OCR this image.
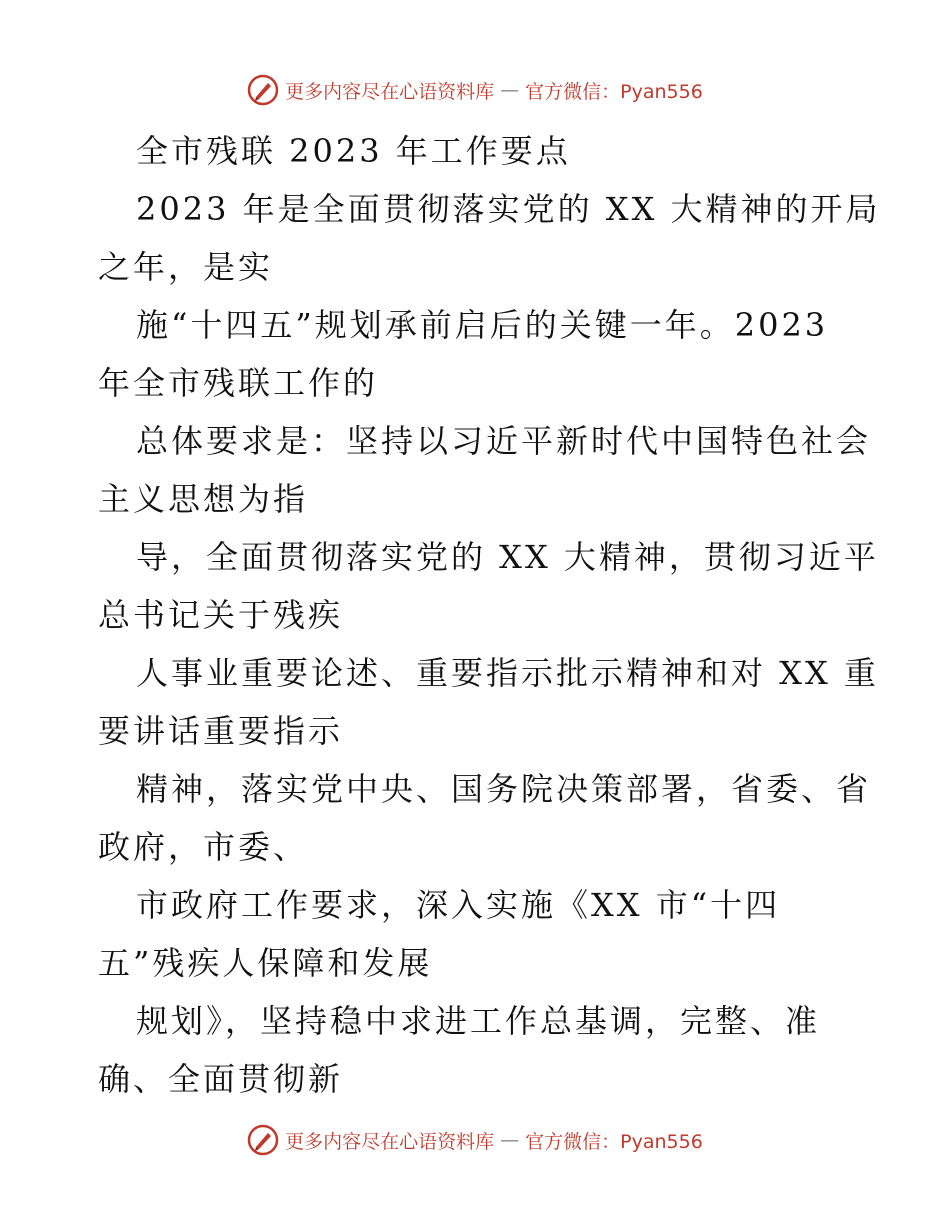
更多内容尽在心语资料库 — 官方微信：Pyan556
全市残联 2023 年工作要点
2023 年是全面贯彻落实党的 XX 大精神的开局
之年，是实
施“十四五”规划承前启后的关键一年。2023
年全市残联工作的
总体要求是：坚持以习近平新时代中国特色社会
主义思想为指
导，全面贯彻落实党的 XX 大精神，贯彻习近平
总书记关于残疾
人事业重要论述、重要指示批示精神和对 XX 重
要讲话重要指示
精神，落实党中央、国务院决策部署，省委、省
政府，市委、
市政府工作要求，深入实施《XX 市“十四
五”残疾人保障和发展
规划》，坚持稳中求进工作总基调，完整、准
确、全面贯彻新
更多内容尽在心语资料库 — 官方微信：Pyan556
